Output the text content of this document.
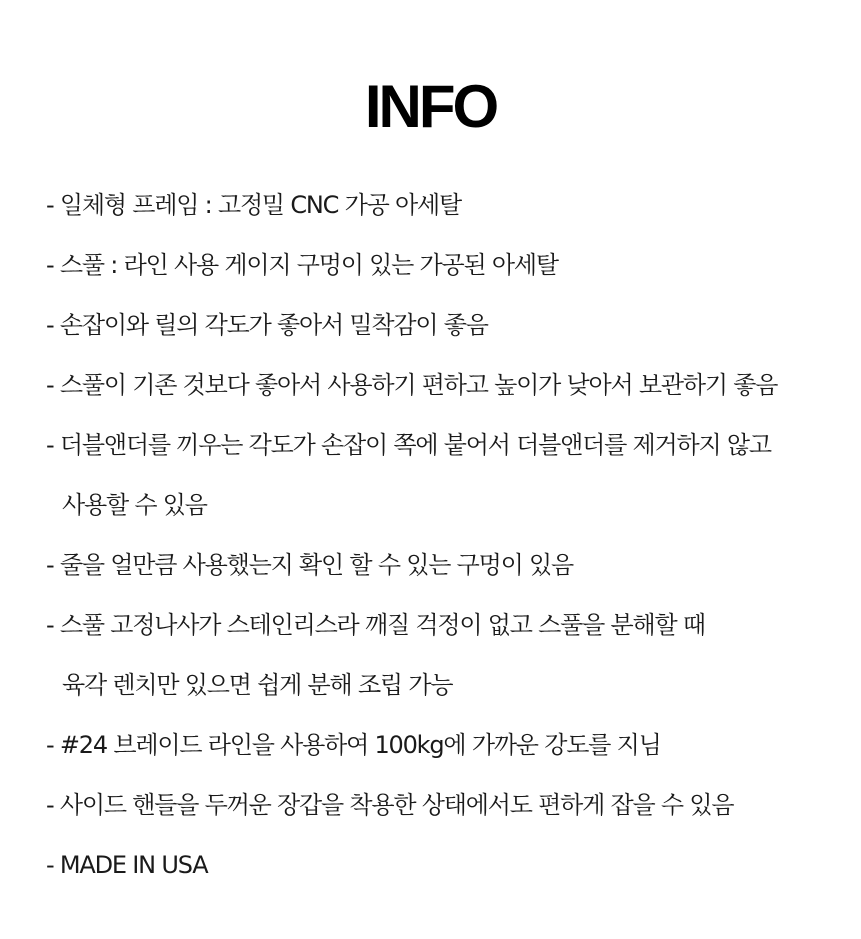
INFO
- 일체형 프레임 : 고정밀 CNC 가공 아세탈
- 스풀 : 라인 사용 게이지 구멍이 있는 가공된 아세탈
- 손잡이와 릴의 각도가 좋아서 밀착감이 좋음
- 스풀이 기존 것보다 좋아서 사용하기 편하고 높이가 낮아서 보관하기 좋음
- 더블앤더를 끼우는 각도가 손잡이 쪽에 붙어서 더블앤더를 제거하지 않고
사용할 수 있음
- 줄을 얼만큼 사용했는지 확인 할 수 있는 구멍이 있음
- 스풀 고정나사가 스테인리스라 깨질 걱정이 없고 스풀을 분해할 때
육각 렌치만 있으면 쉽게 분해 조립 가능
- #24 브레이드 라인을 사용하여 100kg에 가까운 강도를 지님
- 사이드 핸들을 두꺼운 장갑을 착용한 상태에서도 편하게 잡을 수 있음
- MADE IN USA
